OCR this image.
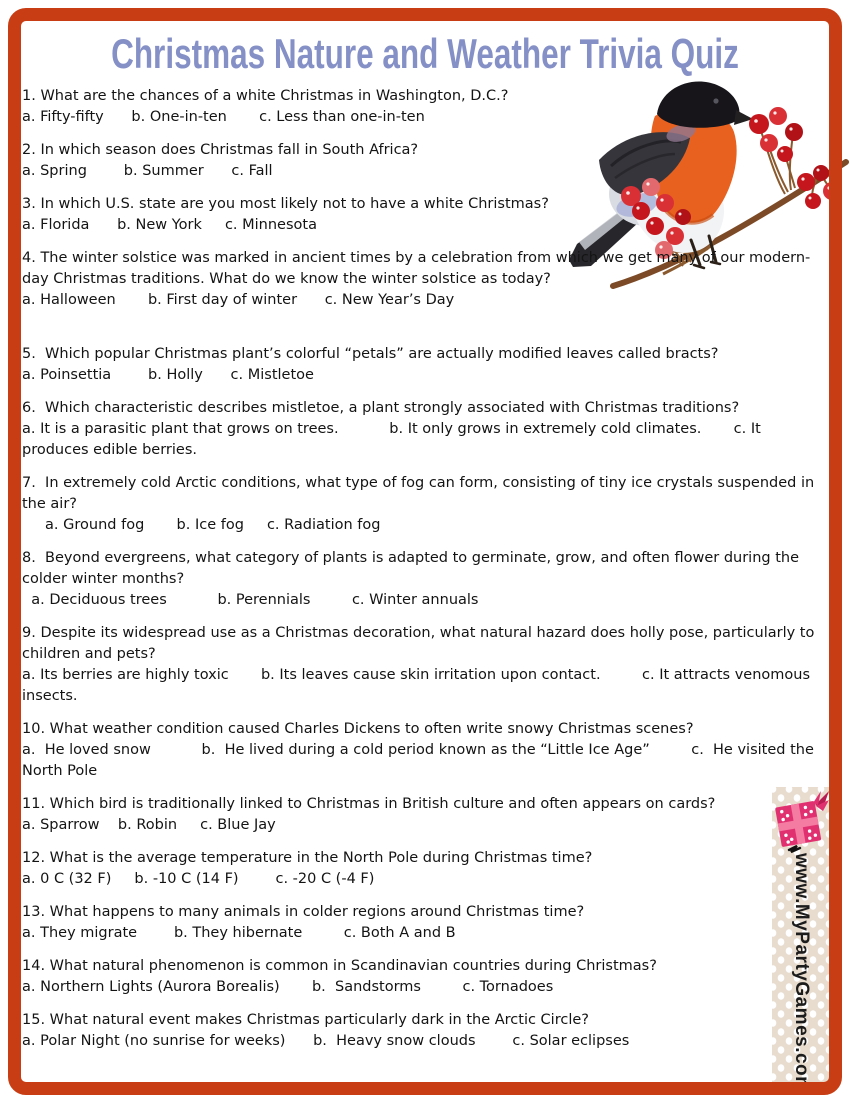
Christmas Nature and Weather Trivia Quiz
1. What are the chances of a white Christmas in Washington, D.C.?
a. Fifty-fifty      b. One-in-ten       c. Less than one-in-ten
2. In which season does Christmas fall in South Africa?
a. Spring        b. Summer      c. Fall
3. In which U.S. state are you most likely not to have a white Christmas?
a. Florida      b. New York     c. Minnesota
4. The winter solstice was marked in ancient times by a celebration from which we get many of our modern-day Christmas traditions. What do we know the winter solstice as today?
a. Halloween       b. First day of winter      c. New Year’s Day
5.  Which popular Christmas plant’s colorful “petals” are actually modified leaves called bracts?
a. Poinsettia        b. Holly      c. Mistletoe
6.  Which characteristic describes mistletoe, a plant strongly associated with Christmas traditions?
a. It is a parasitic plant that grows on trees.           b. It only grows in extremely cold climates.       c. It produces edible berries.
7.  In extremely cold Arctic conditions, what type of fog can form, consisting of tiny ice crystals suspended in the air?
a. Ground fog       b. Ice fog     c. Radiation fog
8.  Beyond evergreens, what category of plants is adapted to germinate, grow, and often flower during the colder winter months?
a. Deciduous trees           b. Perennials         c. Winter annuals
9. Despite its widespread use as a Christmas decoration, what natural hazard does holly pose, particularly to children and pets?
a. Its berries are highly toxic       b. Its leaves cause skin irritation upon contact.         c. It attracts venomous insects.
10. What weather condition caused Charles Dickens to often write snowy Christmas scenes?
a.  He loved snow           b.  He lived during a cold period known as the “Little Ice Age”         c.  He visited the North Pole
11. Which bird is traditionally linked to Christmas in British culture and often appears on cards?
a. Sparrow    b. Robin     c. Blue Jay
12. What is the average temperature in the North Pole during Christmas time?
a. 0 C (32 F)     b. -10 C (14 F)        c. -20 C (-4 F)
13. What happens to many animals in colder regions around Christmas time?
a. They migrate        b. They hibernate         c. Both A and B
14. What natural phenomenon is common in Scandinavian countries during Christmas?
a. Northern Lights (Aurora Borealis)       b.  Sandstorms         c. Tornadoes
15. What natural event makes Christmas particularly dark in the Arctic Circle?
a. Polar Night (no sunrise for weeks)      b.  Heavy snow clouds        c. Solar eclipses	www.MyPartyGames.com
